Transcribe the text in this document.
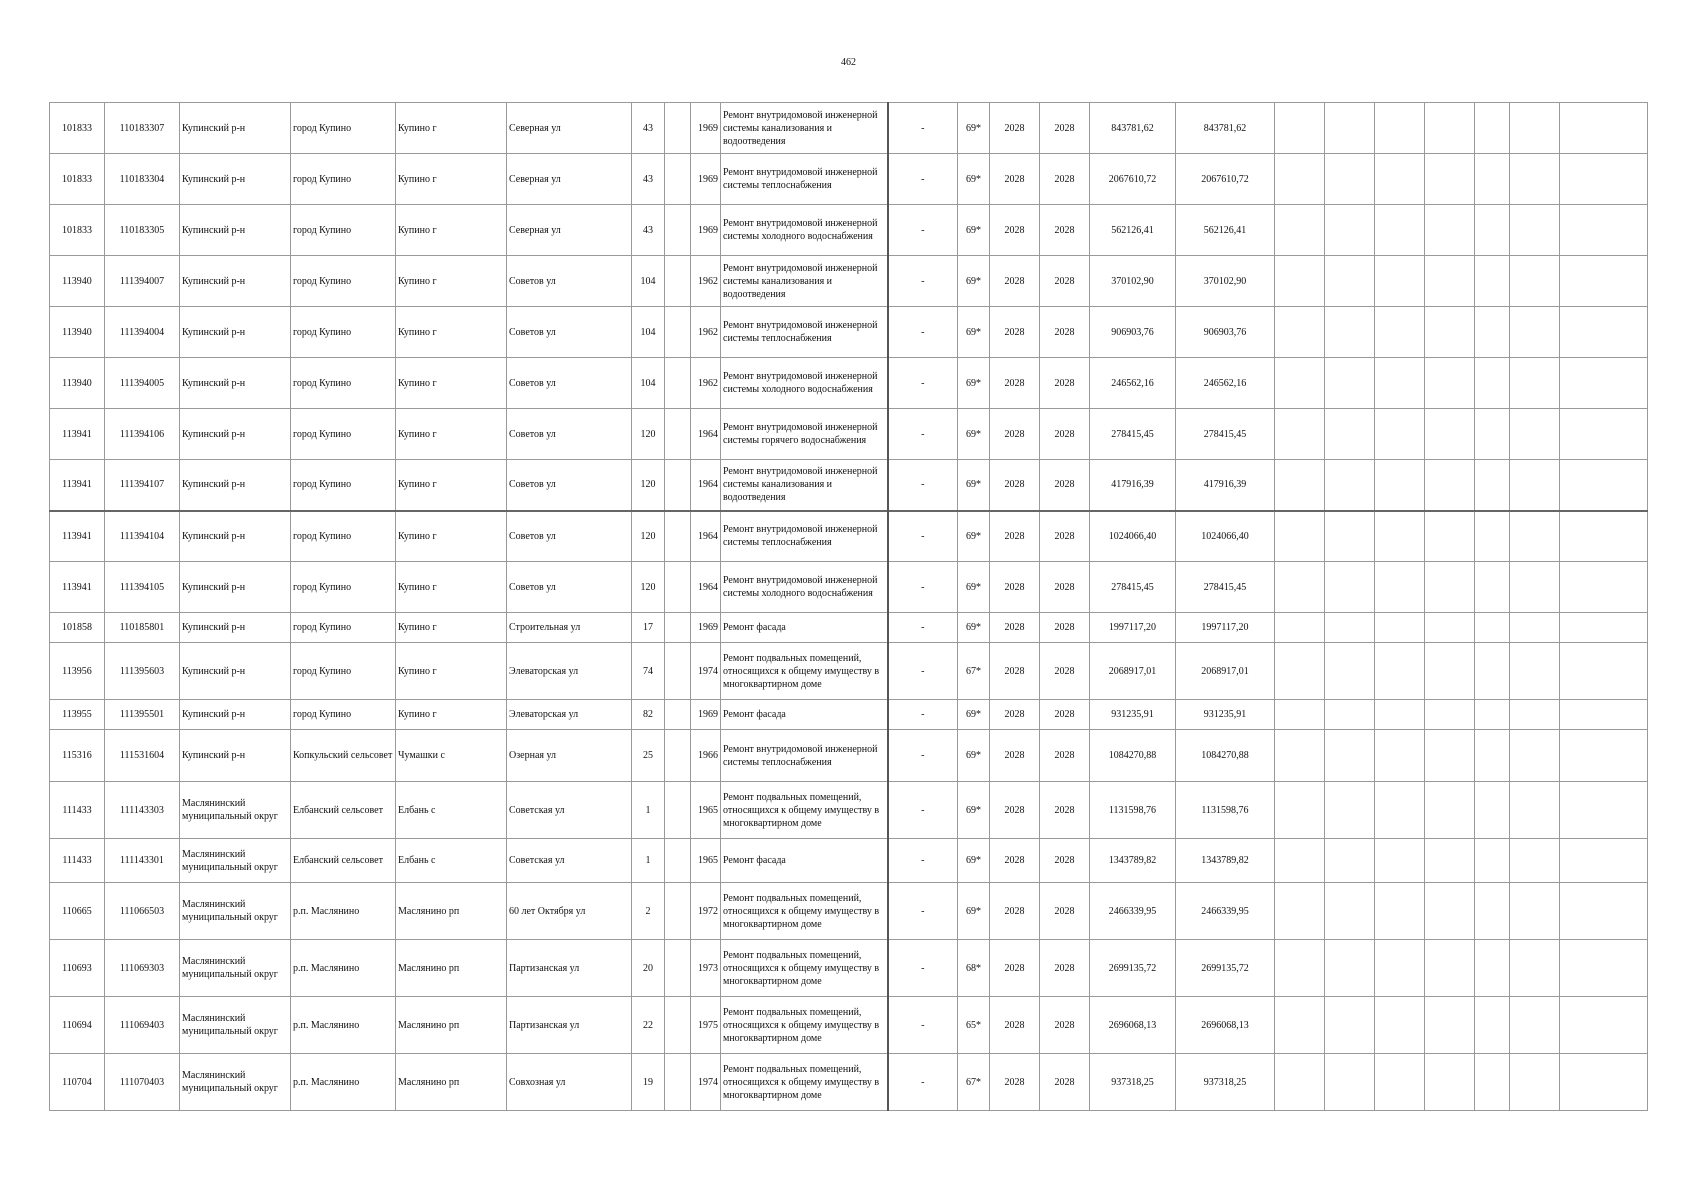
462
101833	110183307	Купинский р-н	город Купино	Купино г	Северная ул	43		1969	Ремонт внутридомовой инженерной системы канализования и водоотведения	-	69*	2028	2028	843781,62	843781,62							
101833	110183304	Купинский р-н	город Купино	Купино г	Северная ул	43		1969	Ремонт внутридомовой инженерной системы теплоснабжения	-	69*	2028	2028	2067610,72	2067610,72							
101833	110183305	Купинский р-н	город Купино	Купино г	Северная ул	43		1969	Ремонт внутридомовой инженерной системы холодного водоснабжения	-	69*	2028	2028	562126,41	562126,41							
113940	111394007	Купинский р-н	город Купино	Купино г	Советов ул	104		1962	Ремонт внутридомовой инженерной системы канализования и водоотведения	-	69*	2028	2028	370102,90	370102,90							
113940	111394004	Купинский р-н	город Купино	Купино г	Советов ул	104		1962	Ремонт внутридомовой инженерной системы теплоснабжения	-	69*	2028	2028	906903,76	906903,76							
113940	111394005	Купинский р-н	город Купино	Купино г	Советов ул	104		1962	Ремонт внутридомовой инженерной системы холодного водоснабжения	-	69*	2028	2028	246562,16	246562,16							
113941	111394106	Купинский р-н	город Купино	Купино г	Советов ул	120		1964	Ремонт внутридомовой инженерной системы горячего водоснабжения	-	69*	2028	2028	278415,45	278415,45							
113941	111394107	Купинский р-н	город Купино	Купино г	Советов ул	120		1964	Ремонт внутридомовой инженерной системы канализования и водоотведения	-	69*	2028	2028	417916,39	417916,39							
113941	111394104	Купинский р-н	город Купино	Купино г	Советов ул	120		1964	Ремонт внутридомовой инженерной системы теплоснабжения	-	69*	2028	2028	1024066,40	1024066,40							
113941	111394105	Купинский р-н	город Купино	Купино г	Советов ул	120		1964	Ремонт внутридомовой инженерной системы холодного водоснабжения	-	69*	2028	2028	278415,45	278415,45							
101858	110185801	Купинский р-н	город Купино	Купино г	Строительная ул	17		1969	Ремонт фасада	-	69*	2028	2028	1997117,20	1997117,20							
113956	111395603	Купинский р-н	город Купино	Купино г	Элеваторская ул	74		1974	Ремонт подвальных помещений, относящихся к общему имуществу в многоквартирном доме	-	67*	2028	2028	2068917,01	2068917,01							
113955	111395501	Купинский р-н	город Купино	Купино г	Элеваторская ул	82		1969	Ремонт фасада	-	69*	2028	2028	931235,91	931235,91							
115316	111531604	Купинский р-н	Копкульский сельсовет	Чумашки с	Озерная ул	25		1966	Ремонт внутридомовой инженерной системы теплоснабжения	-	69*	2028	2028	1084270,88	1084270,88							
111433	111143303	Маслянинский муниципальный округ	Елбанский сельсовет	Елбань с	Советская ул	1		1965	Ремонт подвальных помещений, относящихся к общему имуществу в многоквартирном доме	-	69*	2028	2028	1131598,76	1131598,76							
111433	111143301	Маслянинский муниципальный округ	Елбанский сельсовет	Елбань с	Советская ул	1		1965	Ремонт фасада	-	69*	2028	2028	1343789,82	1343789,82							
110665	111066503	Маслянинский муниципальный округ	р.п. Маслянино	Маслянино рп	60 лет Октября ул	2		1972	Ремонт подвальных помещений, относящихся к общему имуществу в многоквартирном доме	-	69*	2028	2028	2466339,95	2466339,95							
110693	111069303	Маслянинский муниципальный округ	р.п. Маслянино	Маслянино рп	Партизанская ул	20		1973	Ремонт подвальных помещений, относящихся к общему имуществу в многоквартирном доме	-	68*	2028	2028	2699135,72	2699135,72							
110694	111069403	Маслянинский муниципальный округ	р.п. Маслянино	Маслянино рп	Партизанская ул	22		1975	Ремонт подвальных помещений, относящихся к общему имуществу в многоквартирном доме	-	65*	2028	2028	2696068,13	2696068,13							
110704	111070403	Маслянинский муниципальный округ	р.п. Маслянино	Маслянино рп	Совхозная ул	19		1974	Ремонт подвальных помещений, относящихся к общему имуществу в многоквартирном доме	-	67*	2028	2028	937318,25	937318,25							
